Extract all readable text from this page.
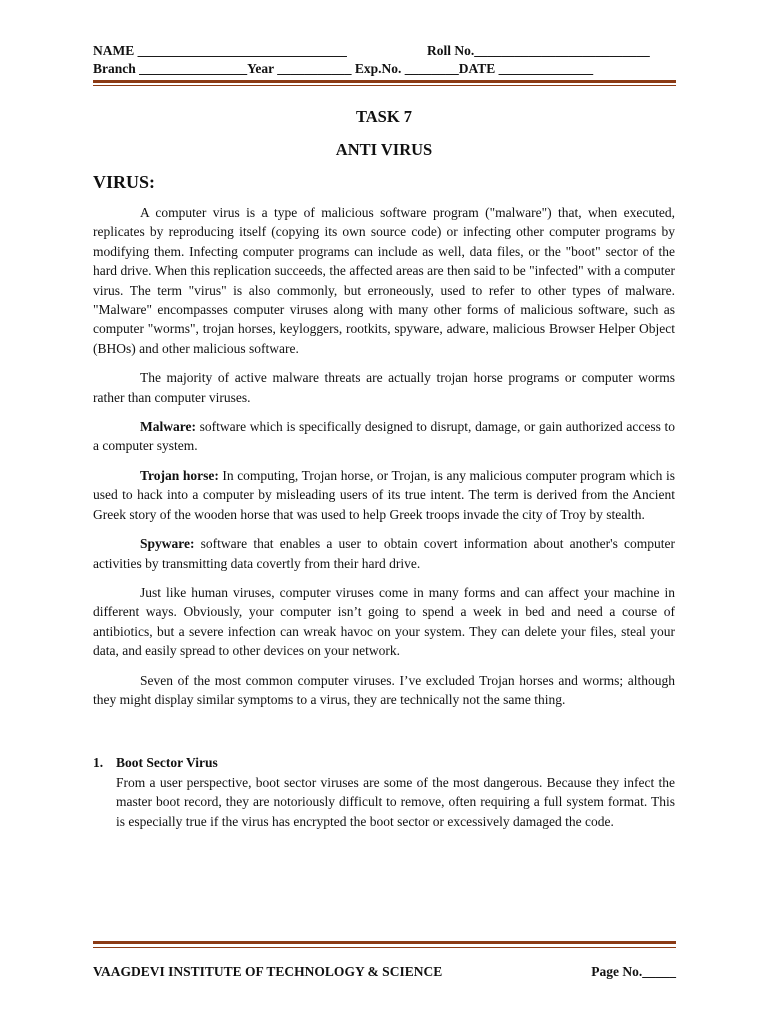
NAME _______________________________	Roll No.__________________________
Branch ________________Year ___________ Exp.No. ________DATE ______________
TASK 7
ANTI VIRUS
VIRUS:

A computer virus is a type of malicious software program ("malware") that, when executed, replicates by reproducing itself (copying its own source code) or infecting other computer programs by modifying them. Infecting computer programs can include as well, data files, or the "boot" sector of the hard drive. When this replication succeeds, the affected areas are then said to be "infected" with a computer virus. The term "virus" is also commonly, but erroneously, used to refer to other types of malware. "Malware" encompasses computer viruses along with many other forms of malicious software, such as computer "worms", trojan horses, keyloggers, rootkits, spyware, adware, malicious Browser Helper Object (BHOs) and other malicious software.

The majority of active malware threats are actually trojan horse programs or computer worms rather than computer viruses.

Malware: software which is specifically designed to disrupt, damage, or gain authorized access to a computer system.

Trojan horse: In computing, Trojan horse, or Trojan, is any malicious computer program which is used to hack into a computer by misleading users of its true intent. The term is derived from the Ancient Greek story of the wooden horse that was used to help Greek troops invade the city of Troy by stealth.

Spyware: software that enables a user to obtain covert information about another's computer activities by transmitting data covertly from their hard drive.

Just like human viruses, computer viruses come in many forms and can affect your machine in different ways. Obviously, your computer isn’t going to spend a week in bed and need a course of antibiotics, but a severe infection can wreak havoc on your system. They can delete your files, steal your data, and easily spread to other devices on your network.

Seven of the most common computer viruses. I’ve excluded Trojan horses and worms; although they might display similar symptoms to a virus, they are technically not the same thing.

1. Boot Sector Virus
From a user perspective, boot sector viruses are some of the most dangerous. Because they infect the master boot record, they are notoriously difficult to remove, often requiring a full system format. This is especially true if the virus has encrypted the boot sector or excessively damaged the code.
VAAGDEVI INSTITUTE OF TECHNOLOGY & SCIENCE	Page No._____
